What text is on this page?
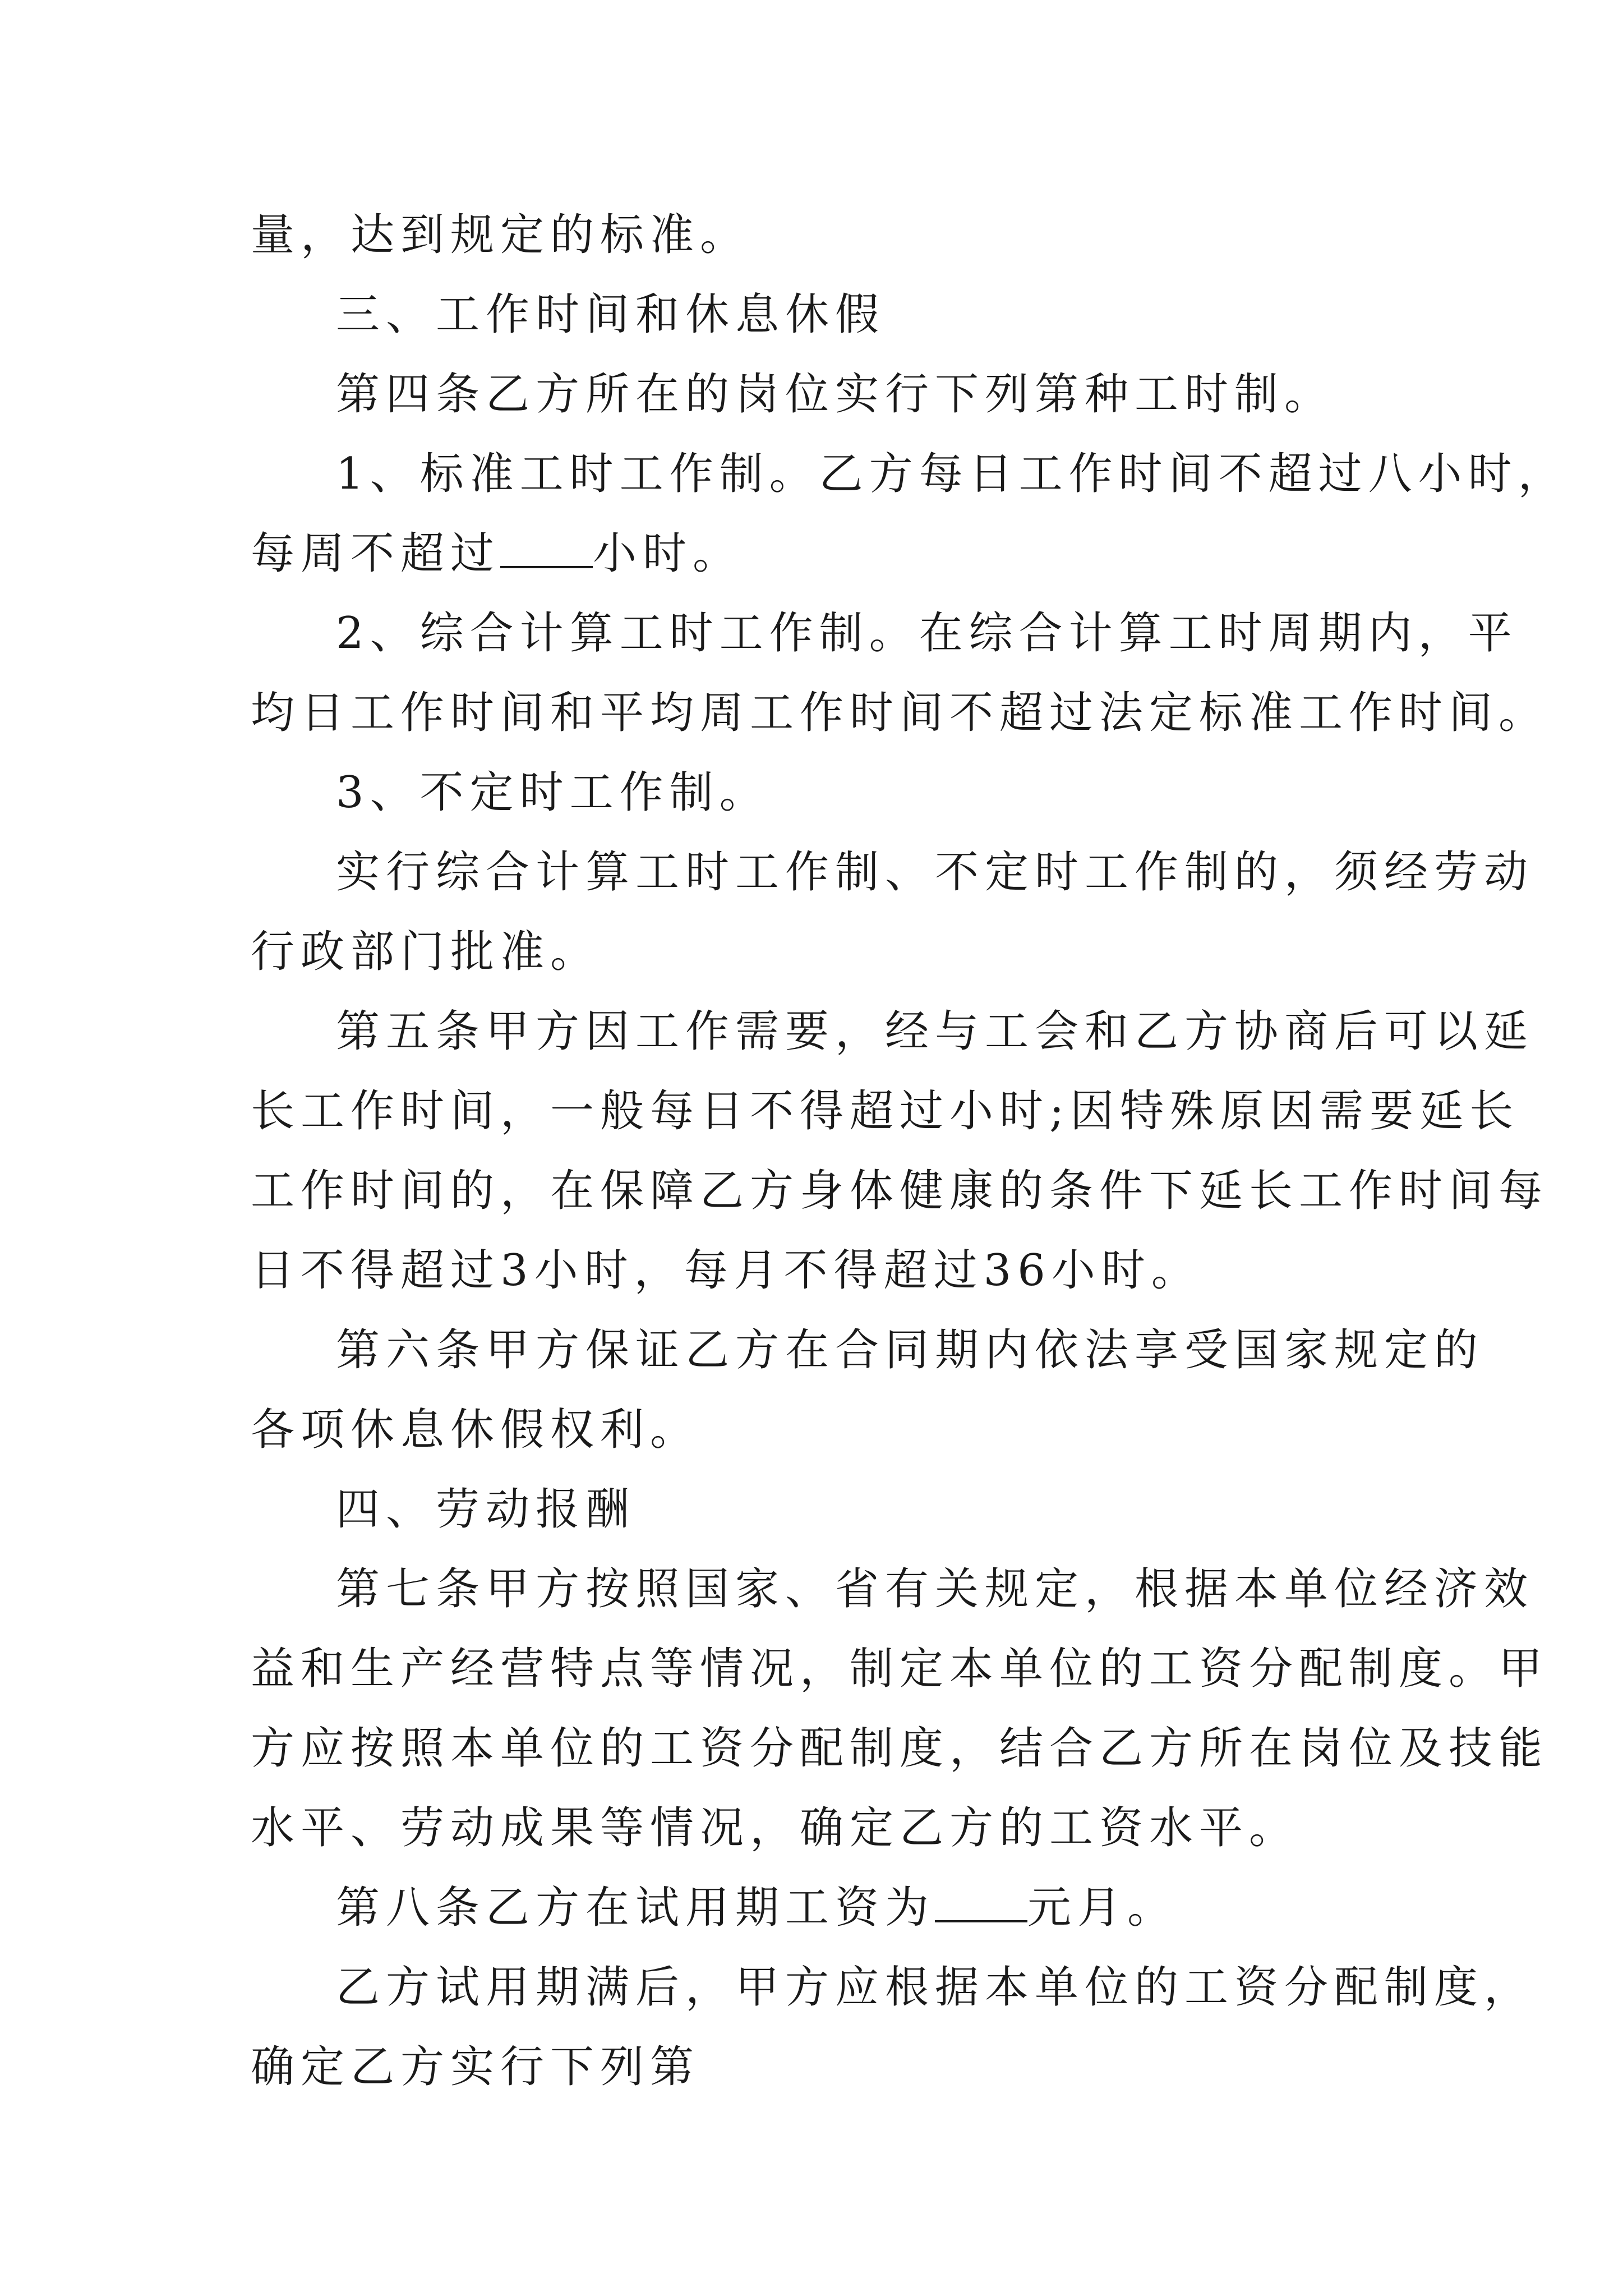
量，达到规定的标准。
三、工作时间和休息休假
第四条乙方所在的岗位实行下列第种工时制。
1、标准工时工作制。乙方每日工作时间不超过八小时，
每周不超过 小时。
2、综合计算工时工作制。在综合计算工时周期内，平
均日工作时间和平均周工作时间不超过法定标准工作时间。
3、不定时工作制。
实行综合计算工时工作制、不定时工作制的，须经劳动
行政部门批准。
第五条甲方因工作需要，经与工会和乙方协商后可以延
长工作时间，一般每日不得超过小时;因特殊原因需要延长
工作时间的，在保障乙方身体健康的条件下延长工作时间每
日不得超过3小时，每月不得超过36小时。
第六条甲方保证乙方在合同期内依法享受国家规定的
各项休息休假权利。
四、劳动报酬
第七条甲方按照国家、省有关规定，根据本单位经济效
益和生产经营特点等情况，制定本单位的工资分配制度。甲
方应按照本单位的工资分配制度，结合乙方所在岗位及技能
水平、劳动成果等情况，确定乙方的工资水平。
第八条乙方在试用期工资为 元月。
乙方试用期满后，甲方应根据本单位的工资分配制度，
确定乙方实行下列第
